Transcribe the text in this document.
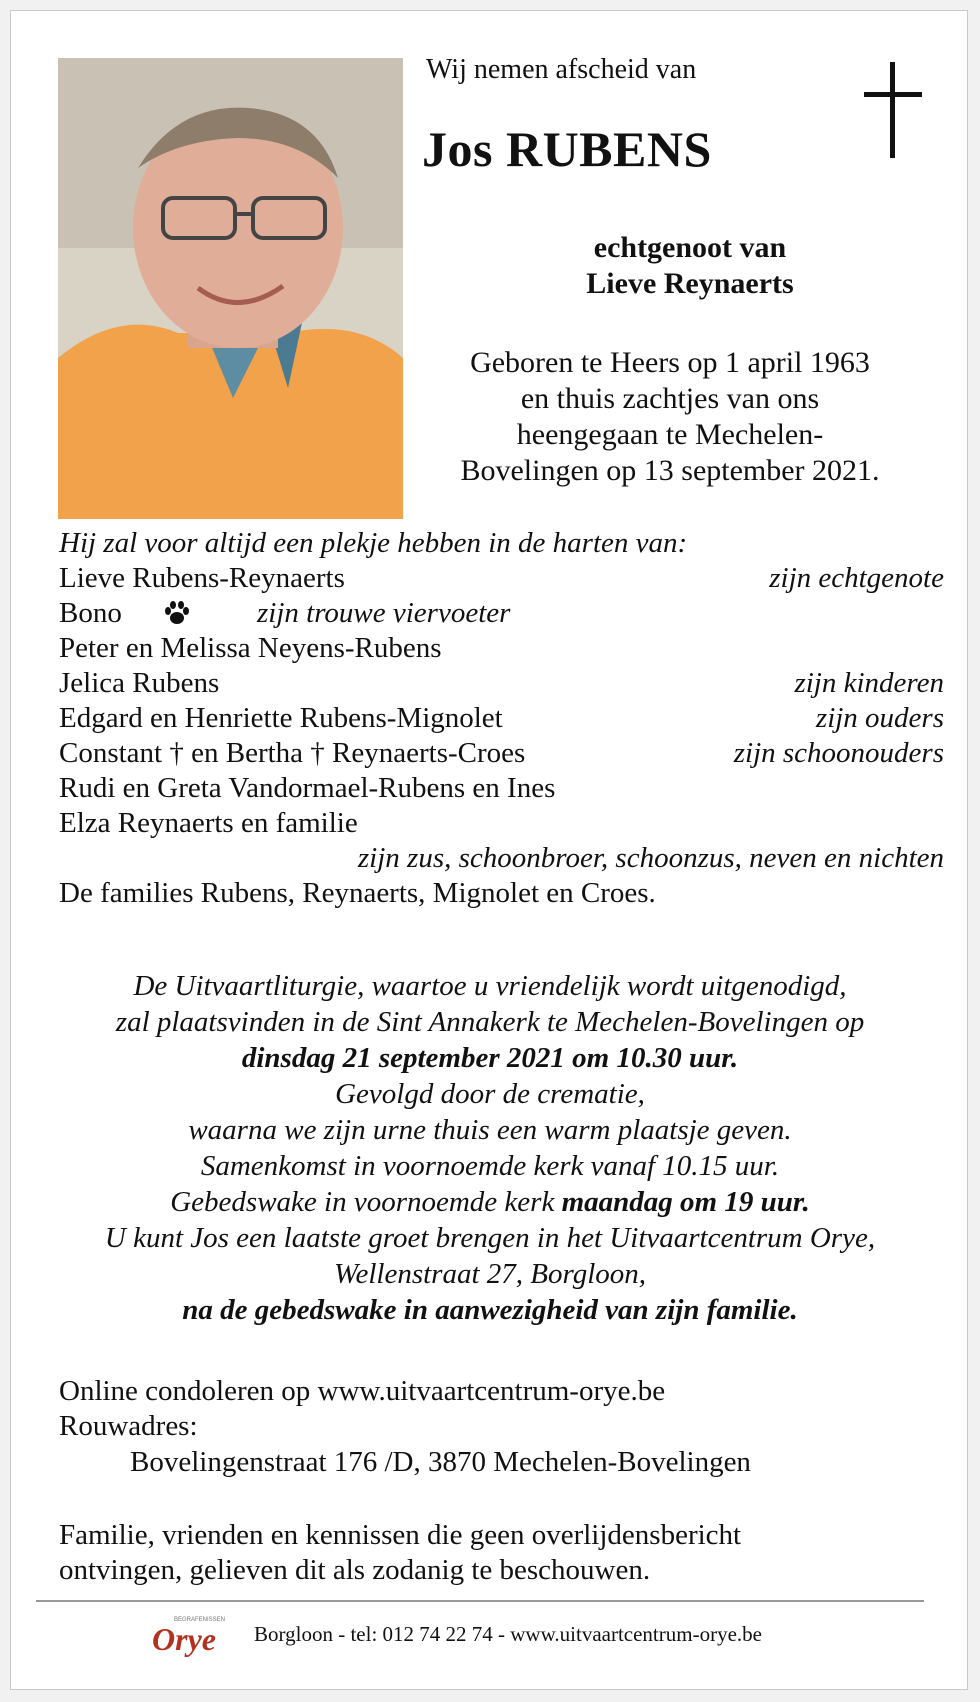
Wij nemen afscheid van
Jos RUBENS
echtgenoot van
Lieve Reynaerts
Geboren te Heers op 1 april 1963
en thuis zachtjes van ons
heengegaan te Mechelen-
Bovelingen op 13 september 2021.
Hij zal voor altijd een plekje hebben in de harten van:
Lieve Rubens-Reynaerts	zijn echtgenote
Bono	zijn trouwe viervoeter
Peter en Melissa Neyens-Rubens
Jelica Rubens	zijn kinderen
Edgard en Henriette Rubens-Mignolet	zijn ouders
Constant † en Bertha † Reynaerts-Croes	zijn schoonouders
Rudi en Greta Vandormael-Rubens en Ines
Elza Reynaerts en familie
zijn zus, schoonbroer, schoonzus, neven en nichten
De families Rubens, Reynaerts, Mignolet en Croes.
De Uitvaartliturgie, waartoe u vriendelijk wordt uitgenodigd,
zal plaatsvinden in de Sint Annakerk te Mechelen-Bovelingen op
dinsdag 21 september 2021 om 10.30 uur.
Gevolgd door de crematie,
waarna we zijn urne thuis een warm plaatsje geven.
Samenkomst in voornoemde kerk vanaf 10.15 uur.
Gebedswake in voornoemde kerk maandag om 19 uur.
U kunt Jos een laatste groet brengen in het Uitvaartcentrum Orye,
Wellenstraat 27, Borgloon,
na de gebedswake in aanwezigheid van zijn familie.
Online condoleren op www.uitvaartcentrum-orye.be
Rouwadres:
Bovelingenstraat 176 /D, 3870 Mechelen-Bovelingen
Familie, vrienden en kennissen die geen overlijdensbericht
ontvingen, gelieven dit als zodanig te beschouwen.
BEGRAFENISSEN
Orye Borgloon - tel: 012 74 22 74 - www.uitvaartcentrum-orye.be
